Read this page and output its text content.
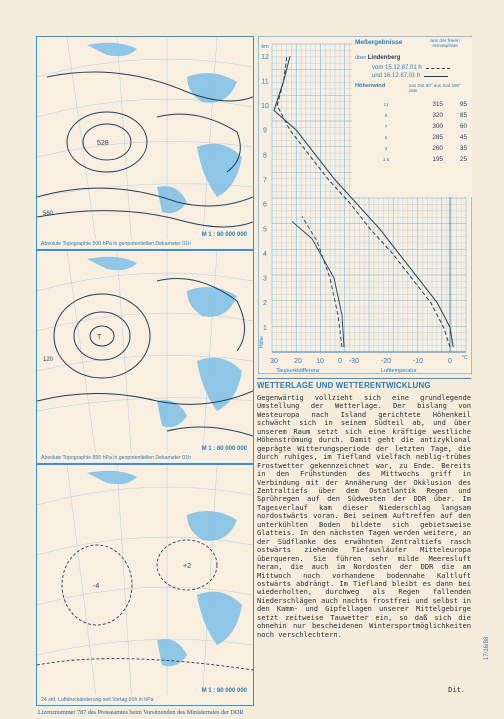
528
560
M 1 : 60 000 000
Absolute Topographie 500 hPa in geopotentiellen Dekameter 01h
T
120
M 1 : 60 000 000
Absolute Topographie 850 hPa in geopotentiellen Dekameter 01h
-4
+2
M 1 : 60 000 000
24 std. Luftdruckänderung seit Vortag 01h in hPa
1
2
3
4
5
6
7
8
9
10
11
12
km
30 20 10 0 -30	-20	-10	0 °C
Taupunktdifferenz	Lufttemperatur
Höhe
Meßergebnisse	aus der freien Atmosphäre
über Lindenberg
vom 15.12.87,01 h
und 16.12.87,01 h
Höhenwind	aus Ost 90° aus Süd 180° usw
11	315	95
9	320	85
7	300	60
5	285	45
3	260	35
1.5	195	25
WETTERLAGE UND WETTERENTWICKLUNG
Gegenwärtig vollzieht sich eine grundlegende Umstellung der Wetterlage. Der bislang von Westeuropa nach Island gerichtete Höhenkeil schwächt sich in seinem Südteil ab, und über unserem Raum setzt sich eine kräftige westliche Höhenströmung durch. Damit geht die antizyklonal geprägte Witterungsperiode der letzten Tage, die durch ruhiges, im Tiefland vielfach neblig-trübes Frostwetter gekennzeichnet war, zu Ende. Bereits in den Frühstunden des Mittwochs griff in Verbindung mit der Annäherung der Okklusion des Zentraltiefs über dem Ostatlantik Regen und Sprühregen auf den Südwesten der DDR über. Im Tagesverlauf kam dieser Niederschlag langsam nordostwärts voran. Bei seinem Auftreffen auf den unterkühlten Boden bildete sich gebietsweise Glatteis. In den nächsten Tagen werden weitere, an der Südflanke des erwähnten Zentraltiefs rasch ostwärts ziehende Tiefausläufer Mitteleuropa überqueren. Sie führen sehr milde Meeresluft heran, die auch im Nordosten der DDR die am Mittwoch noch vorhandene bodennahe Kaltluft ostwärts abdrängt. Im Tiefland bleibt es dann bei wiederholten, durchweg als Regen fallenden Niederschlägen auch nachts frostfrei und selbst in den Kamm- und Gipfellagen unserer Mittelgebirge setzt zeitweise Tauwetter ein, so daß sich die ohnehin nur bescheidenen Wintersportmöglichkeiten noch verschlechtern.
Dit.
17/16/88
Lizenznummer 787 des Presseamtes beim Vorsitzenden des Ministerrates der DDR
